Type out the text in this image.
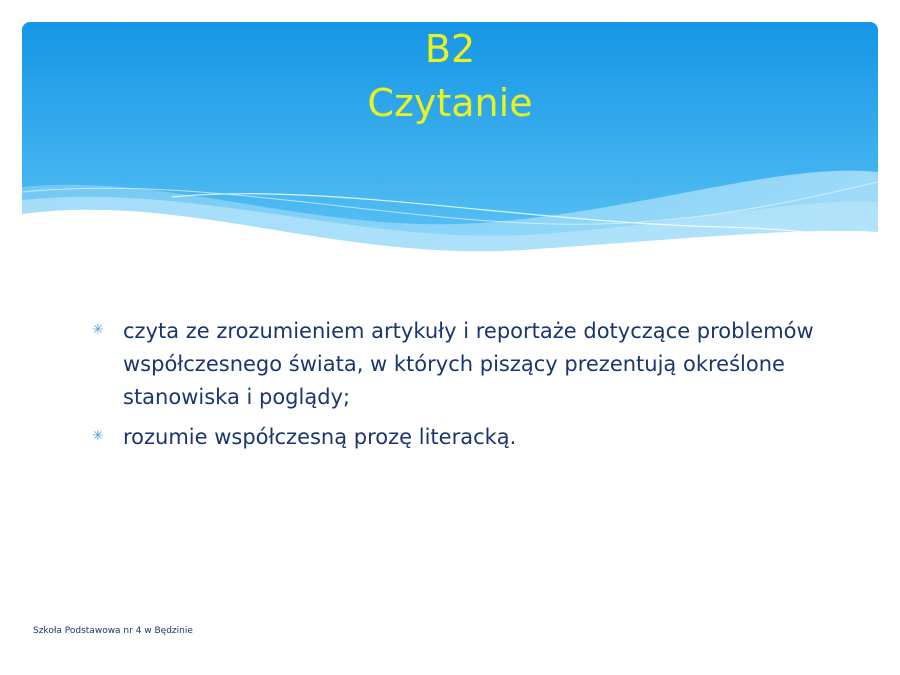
B2
Czytanie
✳ czyta ze zrozumieniem artykuły i reportaże dotyczące problemów współczesnego świata, w których piszący prezentują określone stanowiska i poglądy;
✳ rozumie współczesną prozę literacką.
Szkoła Podstawowa nr 4 w Będzinie
